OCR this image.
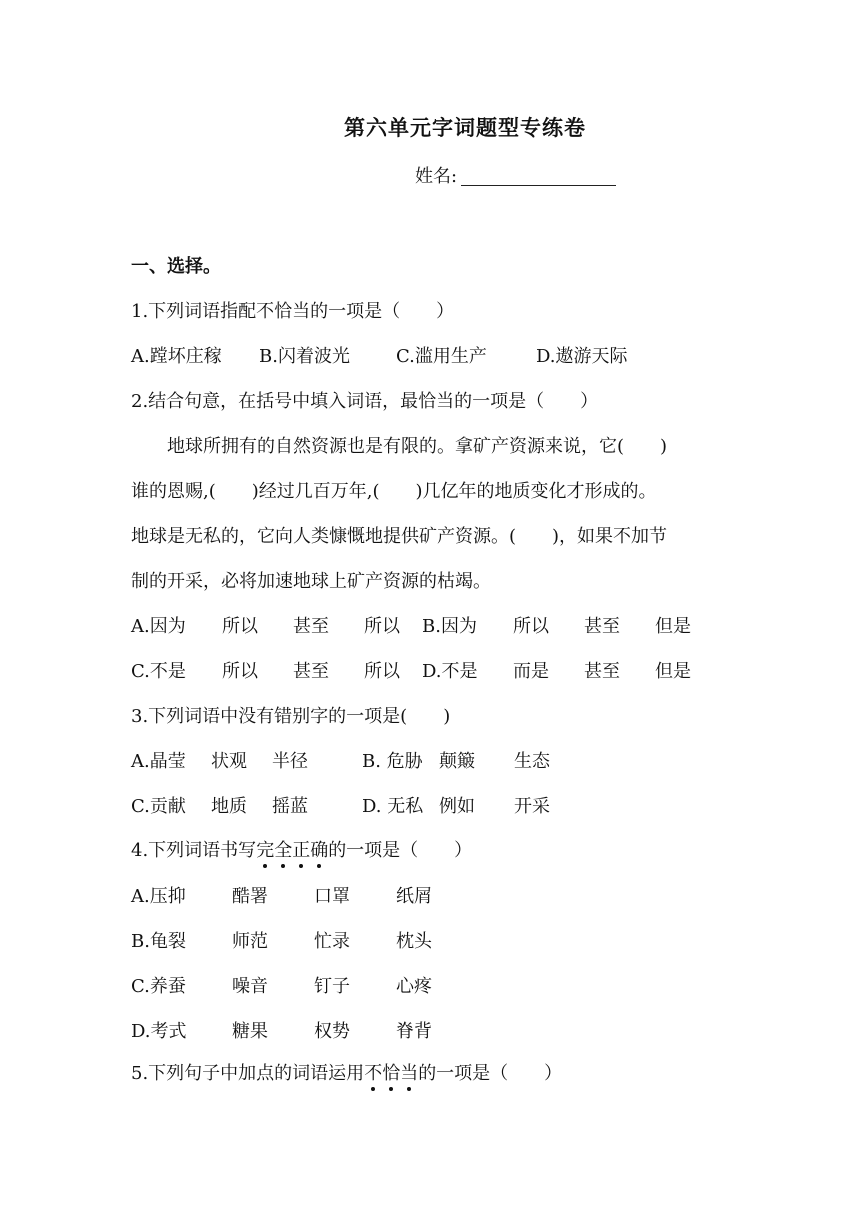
第六单元字词题型专练卷
姓名:
一、选择。
1.下列词语指配不恰当的一项是（　　）
A.蹚坏庄稼 B.闪着波光	C.滥用生产	D.遨游天际
2.结合句意，在括号中填入词语，最恰当的一项是（　　）
　　地球所拥有的自然资源也是有限的。拿矿产资源来说，它(　　)
谁的恩赐,(　　)经过几百万年,(　　)几亿年的地质变化才形成的。
地球是无私的，它向人类慷慨地提供矿产资源。(　　)，如果不加节
制的开采，必将加速地球上矿产资源的枯竭。
A.因为 所以 甚至 所以 B.因为 所以 甚至 但是
C.不是 所以 甚至 所以 D.不是 而是 甚至 但是
3.下列词语中没有错别字的一项是(　　)
A.晶莹 状观 半径	B. 危胁 颠簸 生态
C.贡献 地质 摇蓝	D. 无私 例如 开采
4.下列词语书写完全正确的一项是（　　）
A.压抑	酷署	口罩	纸屑
B.龟裂	师范	忙录	枕头
C.养蚕	噪音	钉子	心疼
D.考式	糖果	权势	脊背
5.下列句子中加点的词语运用不恰当的一项是（　　）
